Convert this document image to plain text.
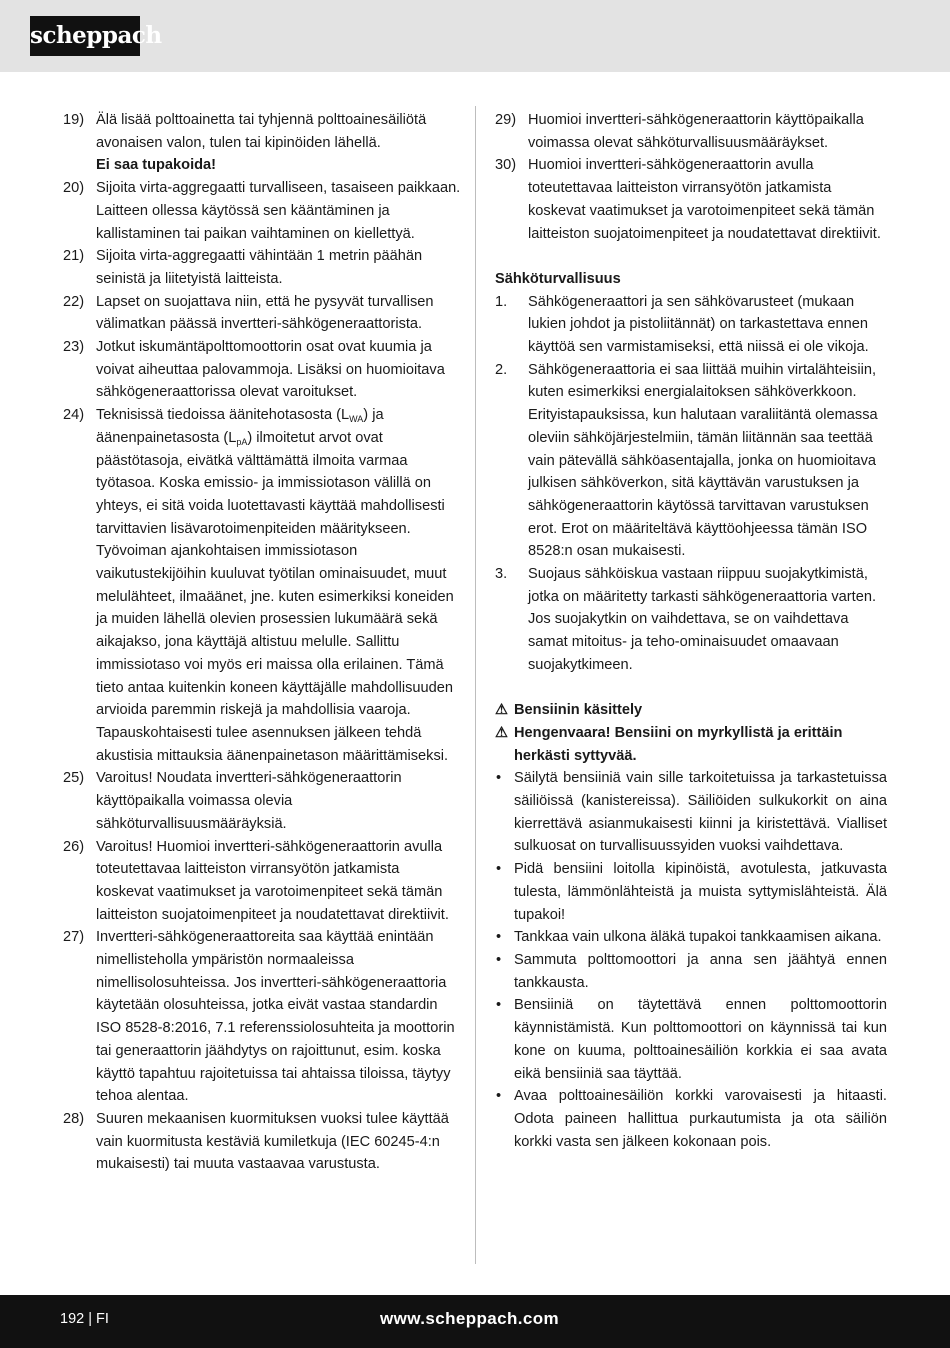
scheppach
19) Älä lisää polttoainetta tai tyhjennä polttoainesäiliötä avonaisen valon, tulen tai kipinöiden lähellä.
Ei saa tupakoida!
20) Sijoita virta-aggregaatti turvalliseen, tasaiseen paikkaan. Laitteen ollessa käytössä sen kääntäminen ja kallistaminen tai paikan vaihtaminen on kiellettyä.
21) Sijoita virta-aggregaatti vähintään 1 metrin päähän seinistä ja liitetyistä laitteista.
22) Lapset on suojattava niin, että he pysyvät turvallisen välimatkan päässä invertteri-sähkögeneraattorista.
23) Jotkut iskumäntäpolttomoottorin osat ovat kuumia ja voivat aiheuttaa palovammoja. Lisäksi on huomioitava sähkögeneraattorissa olevat varoitukset.
24) Teknisissä tiedoissa äänitehotasosta $(L_{WA})$ ja äänenpainetasosta $(L_{pA})$ ilmoitetut arvot ovat päästötasoja, eivätkä välttämättä ilmoita varmaa työtasoa. Koska emissio- ja immissiotason välillä on yhteys, ei sitä voida luotettavasti käyttää mahdollisesti tarvittavien lisävarotoimenpiteiden määritykseen. Työvoiman ajankohtaisen immissiotason vaikutustekijöihin kuuluvat työtilan ominaisuudet, muut melulähteet, ilmaäänet, jne. kuten esimerkiksi koneiden ja muiden lähellä olevien prosessien lukumäärä sekä aikajakso, jona käyttäjä altistuu melulle. Sallittu immissiotaso voi myös eri maissa olla erilainen. Tämä tieto antaa kuitenkin koneen käyttäjälle mahdollisuuden arvioida paremmin riskejä ja mahdollisia vaaroja. Tapauskohtaisesti tulee asennuksen jälkeen tehdä akustisia mittauksia äänenpainetason määrittämiseksi.
25) Varoitus! Noudata invertteri-sähkögeneraattorin käyttöpaikalla voimassa olevia sähköturvallisuusmääräyksiä.
26) Varoitus! Huomioi invertteri-sähkögeneraattorin avulla toteutettavaa laitteiston virransyötön jatkamista koskevat vaatimukset ja varotoimenpiteet sekä tämän laitteiston suojatoimenpiteet ja noudatettavat direktiivit.
27) Invertteri-sähkögeneraattoreita saa käyttää enintään nimellisteholla ympäristön normaaleissa nimellisolosuhteissa. Jos invertteri-sähkögeneraattoria käytetään olosuhteissa, jotka eivät vastaa standardin ISO 8528-8:2016, 7.1 referenssiolosuhteita ja moottorin tai generaattorin jäähdytys on rajoittunut, esim. koska käyttö tapahtuu rajoitetuissa tai ahtaissa tiloissa, täytyy tehoa alentaa.
28) Suuren mekaanisen kuormituksen vuoksi tulee käyttää vain kuormitusta kestäviä kumiletkuja (IEC 60245-4:n mukaisesti) tai muuta vastaavaa varustusta.
29) Huomioi invertteri-sähkögeneraattorin käyttöpaikalla voimassa olevat sähköturvallisuusmääräykset.
30) Huomioi invertteri-sähkögeneraattorin avulla toteutettavaa laitteiston virransyötön jatkamista koskevat vaatimukset ja varotoimenpiteet sekä tämän laitteiston suojatoimenpiteet ja noudatettavat direktiivit.
Sähköturvallisuus
1. Sähkögeneraattori ja sen sähkövarusteet (mukaan lukien johdot ja pistoliitännät) on tarkastettava ennen käyttöä sen varmistamiseksi, että niissä ei ole vikoja.
2. Sähkögeneraattoria ei saa liittää muihin virtalähteisiin, kuten esimerkiksi energialaitoksen sähköverkkoon. Erityistapauksissa, kun halutaan varaliitäntä olemassa oleviin sähköjärjestelmiin, tämän liitännän saa teettää vain pätevällä sähköasentajalla, jonka on huomioitava julkisen sähköverkon, sitä käyttävän varustuksen ja sähkögeneraattorin käytössä tarvittavan varustuksen erot. Erot on määriteltävä käyttöohjeessa tämän ISO 8528:n osan mukaisesti.
3. Suojaus sähköiskua vastaan riippuu suojakytkimistä, jotka on määritetty tarkasti sähkögeneraattoria varten. Jos suojakytkin on vaihdettava, se on vaihdettava samat mitoitus- ja teho-ominaisuudet omaavaan suojakytkimeen.
⚠ Bensiinin käsittely
⚠ Hengenvaara! Bensiini on myrkyllistä ja erittäin herkästi syttyvää.
• Säilytä bensiiniä vain sille tarkoitetuissa ja tarkastetuissa säiliöissä (kanistereissa). Säiliöiden sulkukorkit on aina kierrettävä asianmukaisesti kiinni ja kiristettävä. Vialliset sulkuosat on turvallisuussyiden vuoksi vaihdettava.
• Pidä bensiini loitolla kipinöistä, avotulesta, jatkuvasta tulesta, lämmönlähteistä ja muista syttymislähteistä. Älä tupakoi!
• Tankkaa vain ulkona äläkä tupakoi tankkaamisen aikana.
• Sammuta polttomoottori ja anna sen jäähtyä ennen tankkausta.
• Bensiiniä on täytettävä ennen polttomoottorin käynnistämistä. Kun polttomoottori on käynnissä tai kun kone on kuuma, polttoainesäiliön korkkia ei saa avata eikä bensiiniä saa täyttää.
• Avaa polttoainesäiliön korkki varovaisesti ja hitaasti. Odota paineen hallittua purkautumista ja ota säiliön korkki vasta sen jälkeen kokonaan pois.
192 | FI	www.scheppach.com
